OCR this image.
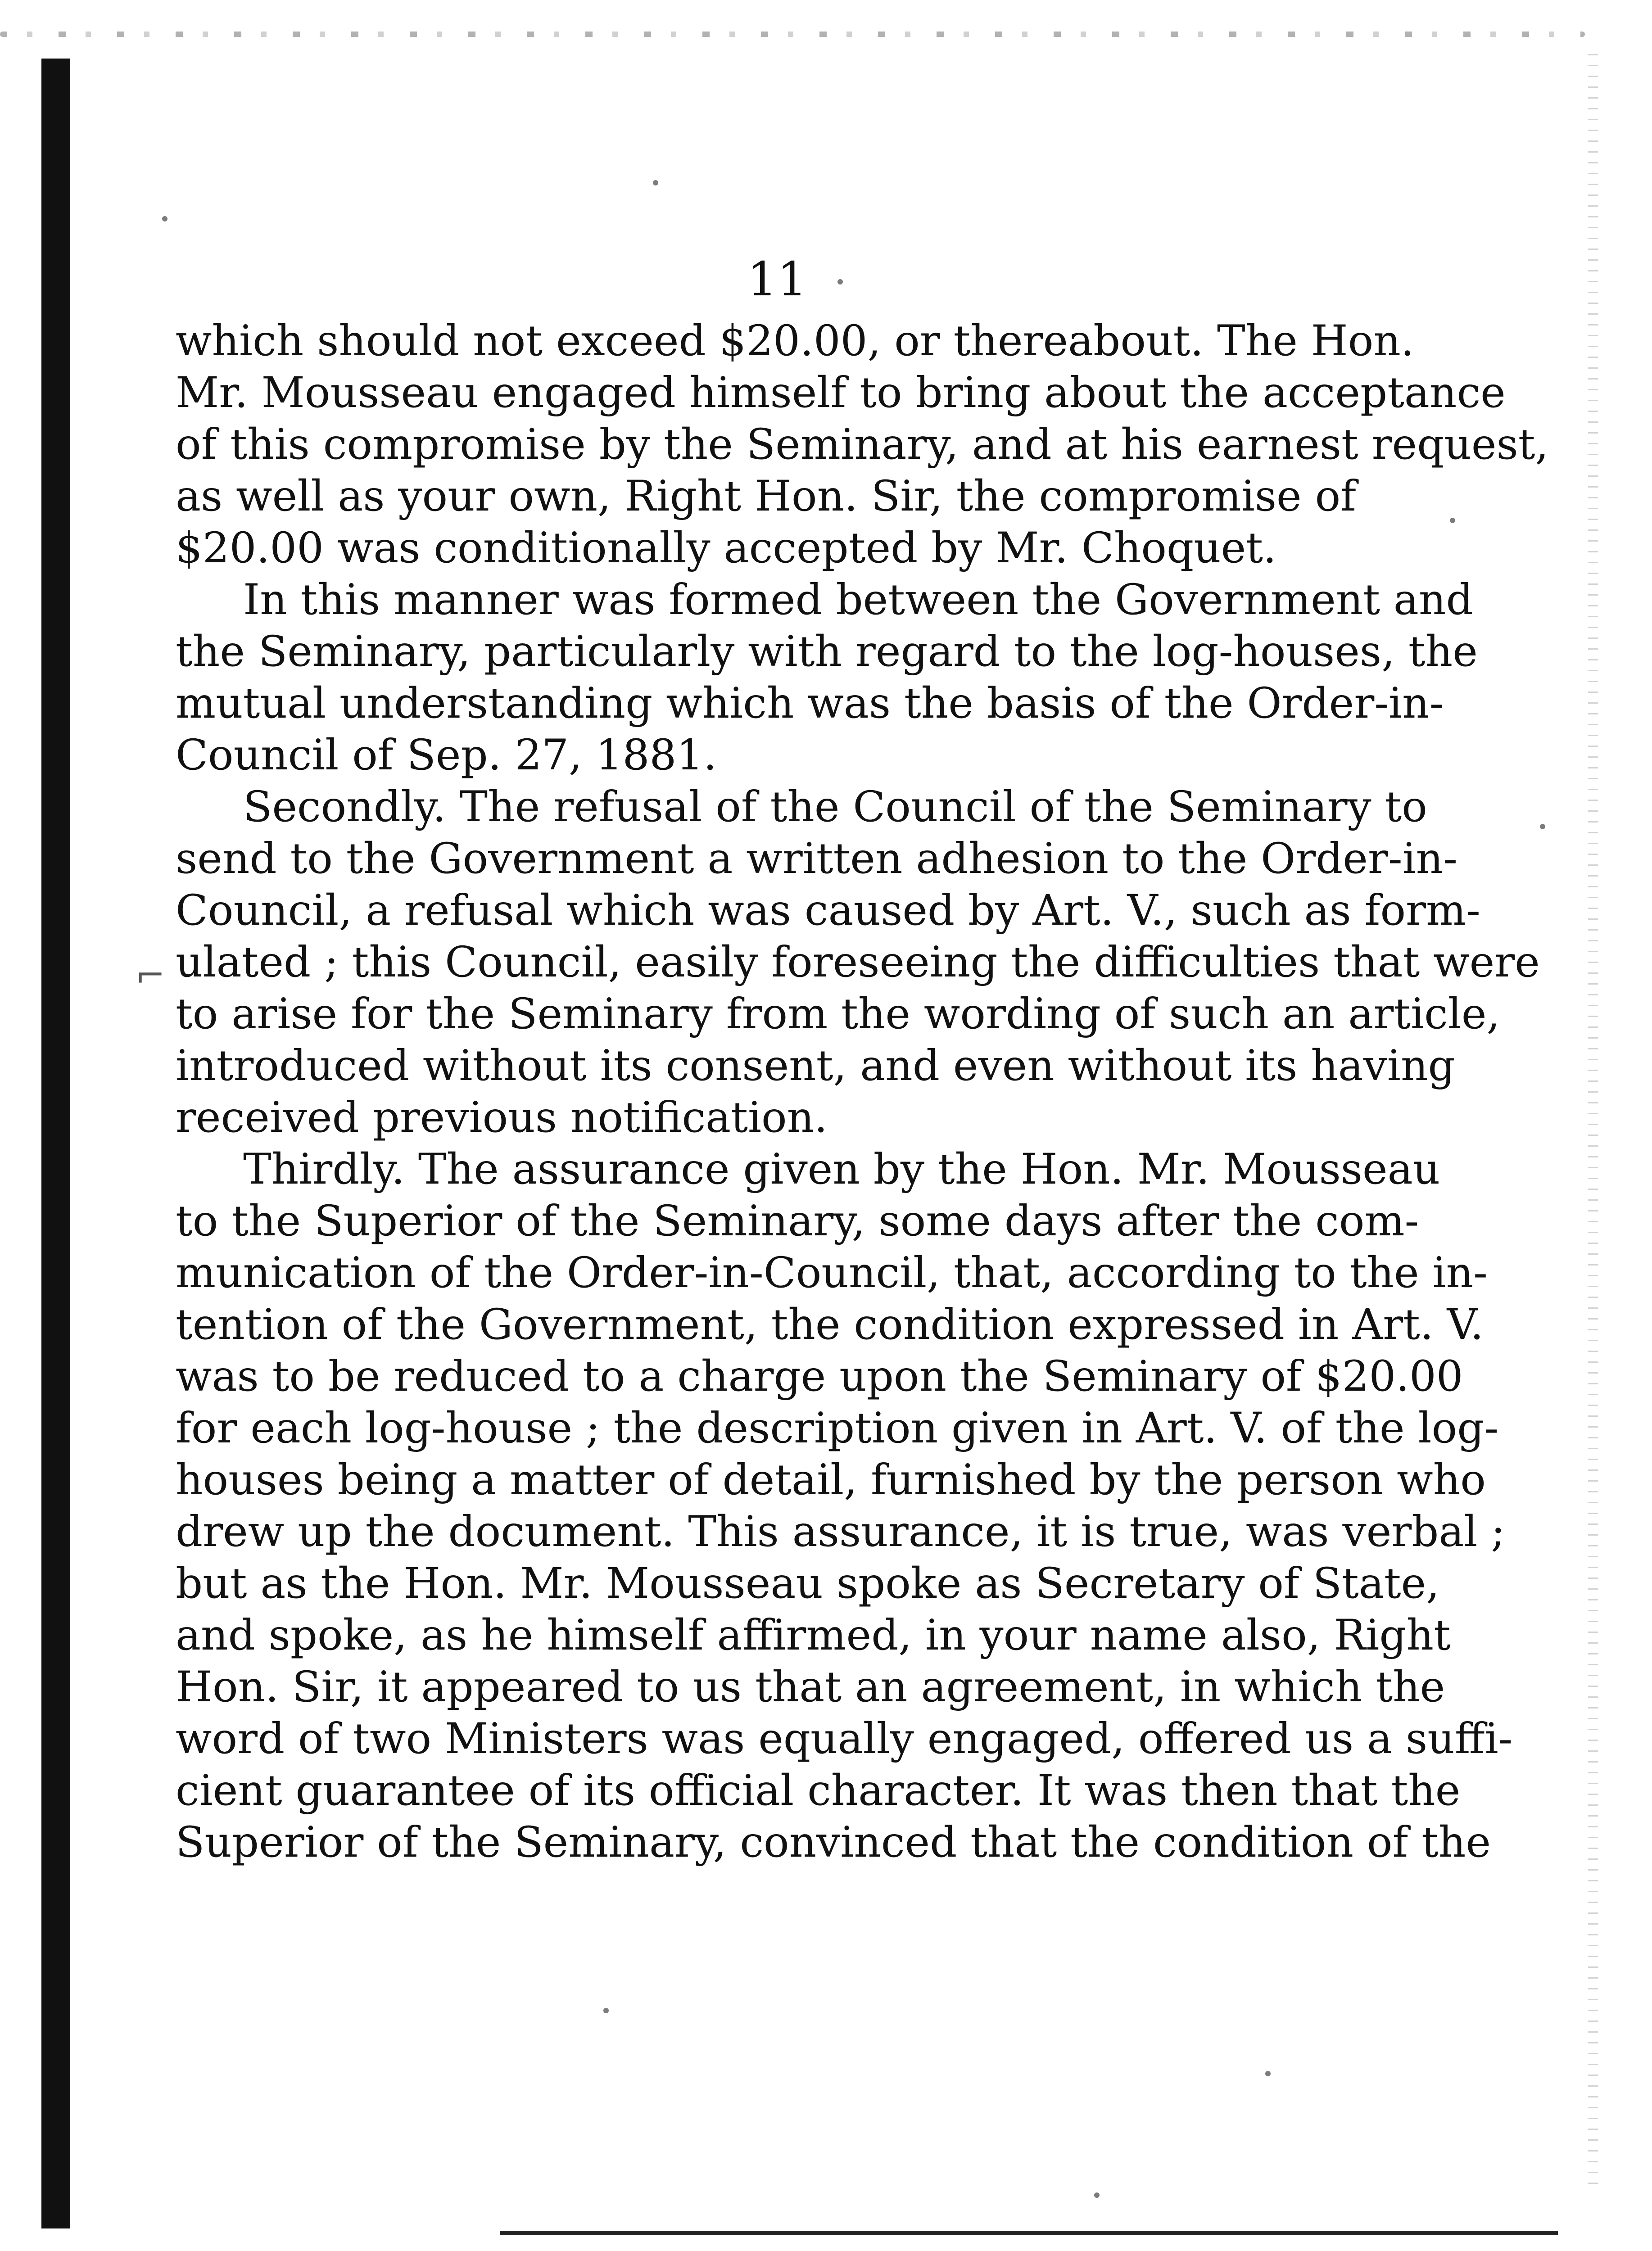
11
which should not exceed $20.00, or thereabout. The Hon.
Mr. Mousseau engaged himself to bring about the acceptance
of this compromise by the Seminary, and at his earnest request,
as well as your own, Right Hon. Sir, the compromise of
$20.00 was conditionally accepted by Mr. Choquet.
In this manner was formed between the Government and
the Seminary, particularly with regard to the log-houses, the
mutual understanding which was the basis of the Order-in-
Council of Sep. 27, 1881.
Secondly. The refusal of the Council of the Seminary to
send to the Government a written adhesion to the Order-in-
Council, a refusal which was caused by Art. V., such as form-
ulated ; this Council, easily foreseeing the difficulties that were
to arise for the Seminary from the wording of such an article,
introduced without its consent, and even without its having
received previous notification.
Thirdly. The assurance given by the Hon. Mr. Mousseau
to the Superior of the Seminary, some days after the com-
munication of the Order-in-Council, that, according to the in-
tention of the Government, the condition expressed in Art. V.
was to be reduced to a charge upon the Seminary of $20.00
for each log-house ; the description given in Art. V. of the log-
houses being a matter of detail, furnished by the person who
drew up the document. This assurance, it is true, was verbal ;
but as the Hon. Mr. Mousseau spoke as Secretary of State,
and spoke, as he himself affirmed, in your name also, Right
Hon. Sir, it appeared to us that an agreement, in which the
word of two Ministers was equally engaged, offered us a suffi-
cient guarantee of its official character. It was then that the
Superior of the Seminary, convinced that the condition of the
⌐
